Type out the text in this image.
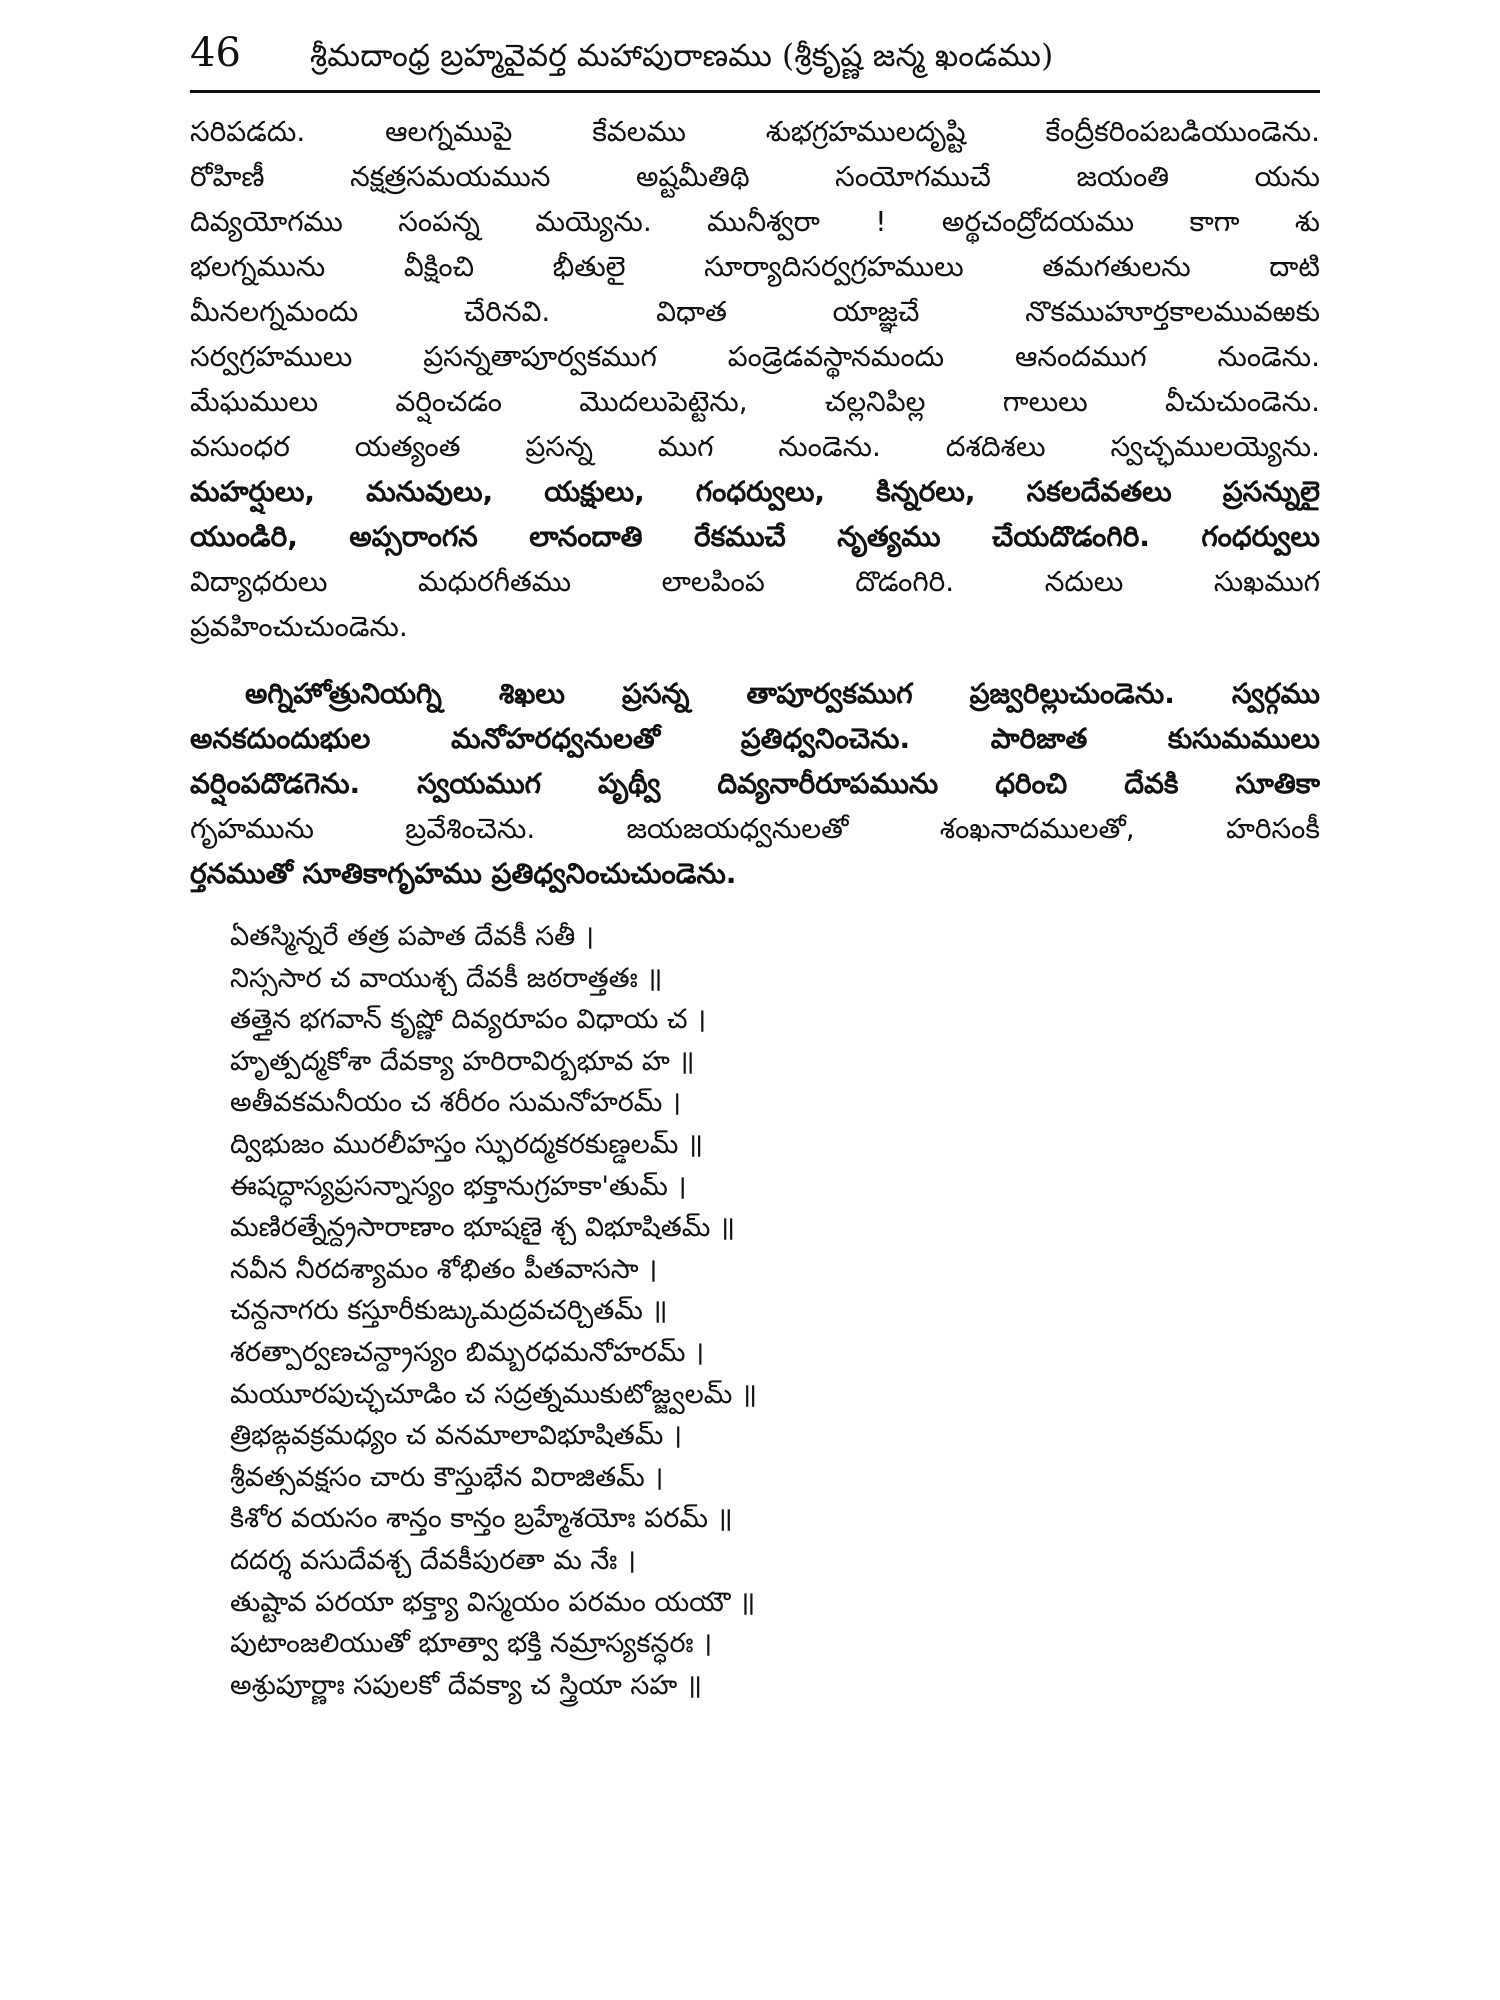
46	శ్రీమదాంధ్ర బ్రహ్మవైవర్త మహాపురాణము (శ్రీకృష్ణ జన్మ ఖండము)
సరిపడదు. ఆలగ్నముపై కేవలము శుభగ్రహములదృష్టి కేంద్రీకరింపబడియుండెను.
రోహిణీ నక్షత్రసమయమున అష్టమీతిథి సంయోగముచే జయంతి యను
దివ్యయోగము సంపన్న మయ్యెను. మునీశ్వరా ! అర్థచంద్రోదయము కాగా శు
భలగ్నమును వీక్షించి భీతులై సూర్యాదిసర్వగ్రహములు తమగతులను దాటి
మీనలగ్నమందు చేరినవి. విధాత యాజ్ఞచే నొకముహూర్తకాలమువఱకు
సర్వగ్రహములు ప్రసన్నతాపూర్వకముగ పండ్రెడవస్థానమందు ఆనందముగ నుండెను.
మేఘములు వర్షించడం మొదలుపెట్టెను, చల్లనిపిల్ల గాలులు వీచుచుండెను.
వసుంధర యత్యంత ప్రసన్న ముగ నుండెను. దశదిశలు స్వచ్ఛములయ్యెను.
మహర్షులు, మనువులు, యక్షులు, గంధర్వులు, కిన్నరలు, సకలదేవతలు ప్రసన్నులై
యుండిరి, అప్సరాంగన లానందాతి రేకముచే నృత్యము చేయదొడంగిరి. గంధర్వులు
విద్యాధరులు మధురగీతము లాలపింప దొడంగిరి. నదులు సుఖముగ
ప్రవహించుచుండెను.
అగ్నిహోత్రునియగ్ని శిఖలు ప్రసన్న తాపూర్వకముగ ప్రజ్వరిల్లుచుండెను. స్వర్గము
అనకదుందుభుల మనోహరధ్వనులతో ప్రతిధ్వనించెను. పారిజాత కుసుమములు
వర్షింపదొడగెను. స్వయముగ పృథ్వీ దివ్యనారీరూపమును ధరించి దేవకి సూతికా
గృహమును బ్రవేశించెను. జయజయధ్వనులతో శంఖనాదములతో, హరిసంకీ
ర్తనముతో సూతికాగృహము ప్రతిధ్వనించుచుండెను.
ఏతస్మిన్నరే తత్ర పపాత దేవకీ సతీ ।
నిస్ససార చ వాయుశ్చ దేవకీ జఠరాత్తతః ॥
తత్తైన భగవాన్ కృష్ణో దివ్యరూపం విధాయ చ ।
హృత్పద్మకోశా దేవక్యా హరిరావిర్బభూవ హ ॥
అతీవకమనీయం చ శరీరం సుమనోహరమ్ ।
ద్విభుజం మురలీహస్తం స్ఫురద్మకరకుణ్డలమ్ ॥
ఈషద్ధాస్యప్రసన్నాస్యం భక్తానుగ్రహకా'తుమ్ ।
మణిరత్నేన్ద్రసారాణాం భూషణై శ్చ విభూషితమ్ ॥
నవీన నీరదశ్యామం శోభితం పీతవాససా ।
చన్దనాగరు కస్తూరీకుఙ్కుమద్రవచర్చితమ్ ॥
శరత్పార్వణచన్ద్రాస్యం బిమ్బరధమనోహరమ్ ।
మయూరపుచ్ఛచూడిం చ సద్రత్నముకుటోజ్జ్వలమ్ ॥
త్రిభఙ్గవక్రమధ్యం చ వనమాలావిభూషితమ్ ।
శ్రీవత్సవక్షసం చారు కౌస్తుభేన విరాజితమ్ ।
కిశోర వయసం శాన్తం కాన్తం బ్రహ్మేశయోః పరమ్ ॥
దదర్శ వసుదేవశ్చ దేవకీపురతా మ నేః ।
తుష్టావ పరయా భక్త్యా విస్మయం పరమం యయౌ ॥
పుటాంజలియుతో భూత్వా భక్తి నమ్రాస్యకన్ధరః ।
అశ్రుపూర్ణాః సపులకో దేవక్యా చ స్త్రియా సహ ॥
